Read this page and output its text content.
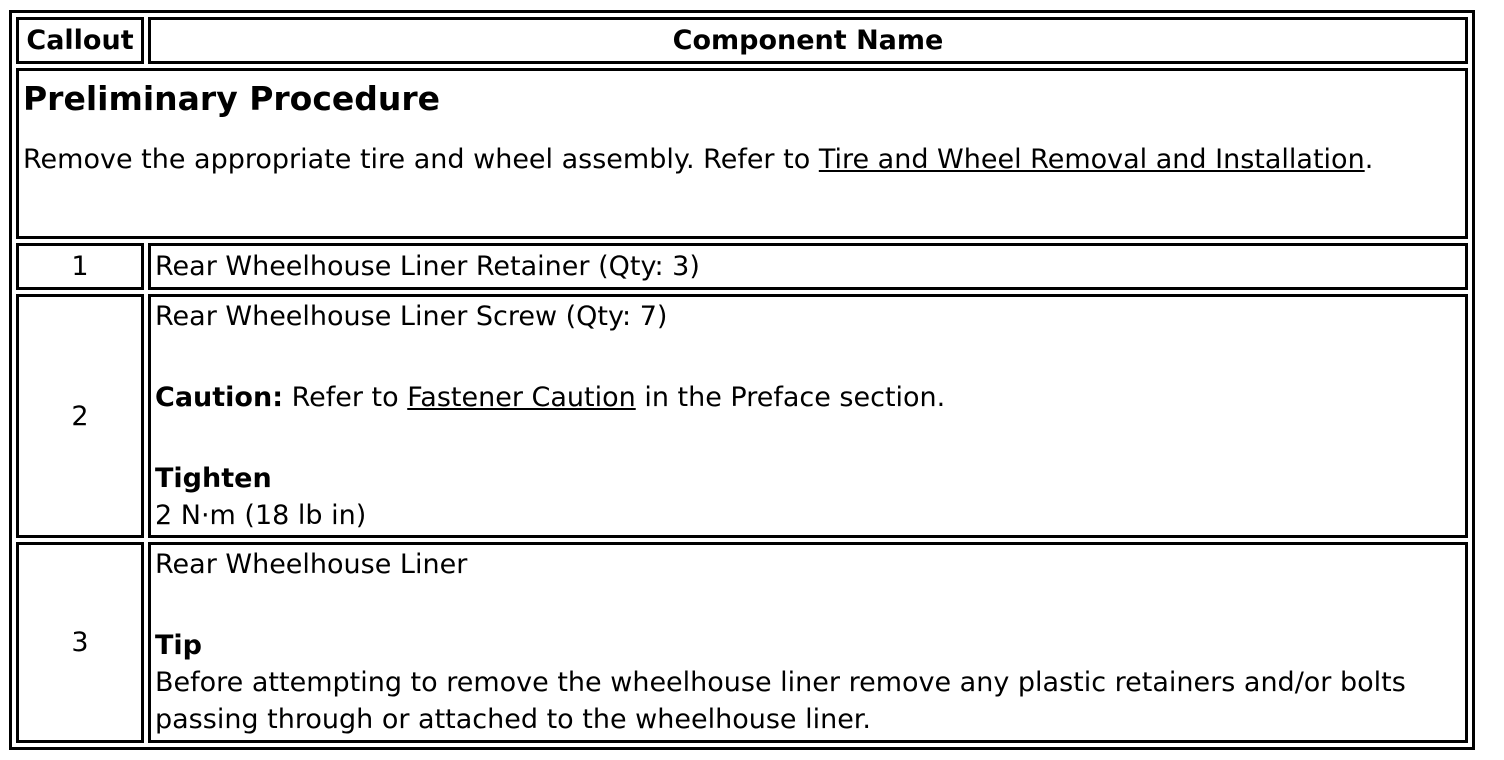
Callout	Component Name

Preliminary Procedure
Remove the appropriate tire and wheel assembly. Refer to Tire and Wheel Removal and Installation.	

1	Rear Wheelhouse Liner Retainer (Qty: 3)
2	Rear Wheelhouse Liner Screw (Qty: 7)
Caution: Refer to Fastener Caution in the Preface section.
Tighten
2 N·m (18 lb in)

3	Rear Wheelhouse Liner
Tip
Before attempting to remove the wheelhouse liner remove any plastic retainers and/or bolts passing through or attached to the wheelhouse liner.
